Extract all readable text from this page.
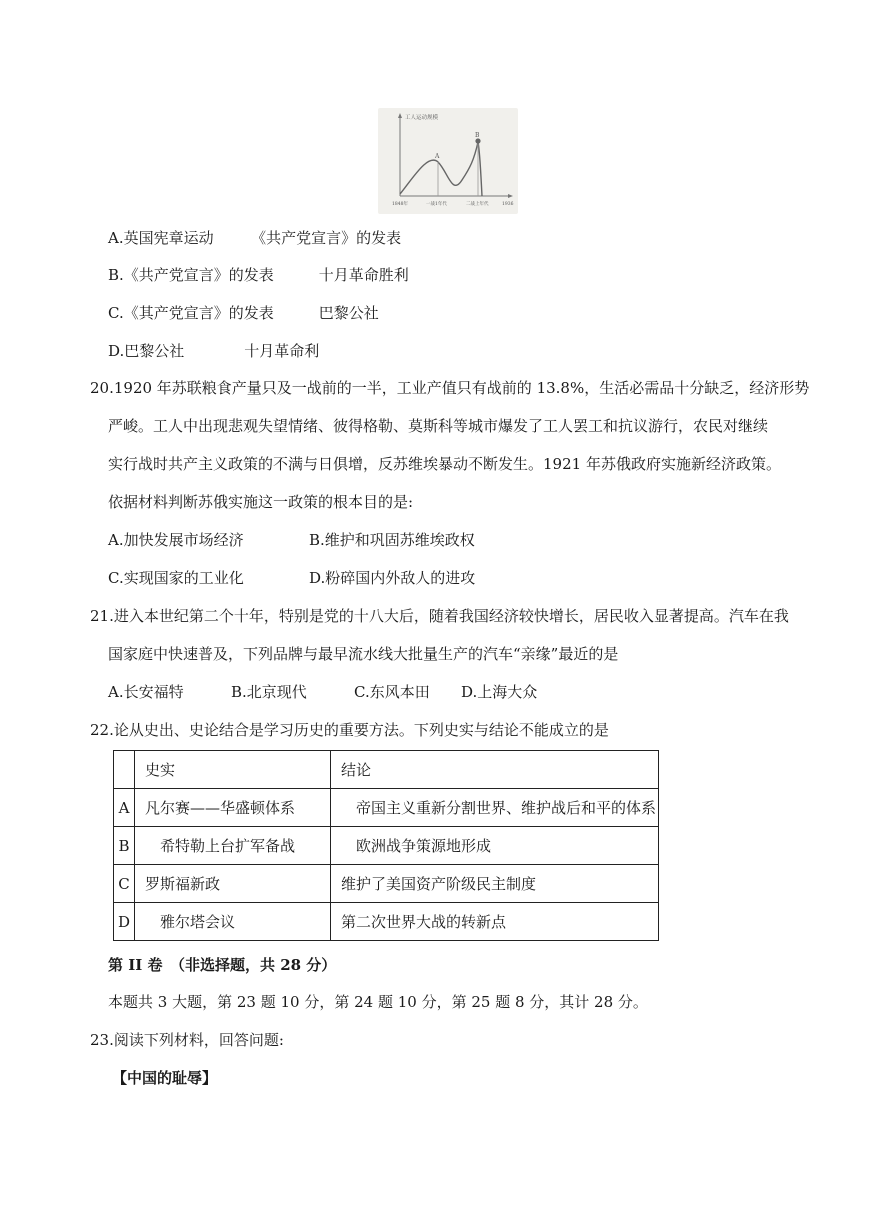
工人运动规模
A
B
1848年	一战1年代	二战上年代	1936
A.英国宪章运动　　　《共产党宣言》的发表
B.《共产党宣言》的发表　　　十月革命胜利
C.《其产党宣言》的发表　　　巴黎公社
D.巴黎公社　　　　十月革命利
20.1920 年苏联粮食产量只及一战前的一半，工业产值只有战前的 13.8%，生活必需品十分缺乏，经济形势
严峻。工人中出现悲观失望情绪、彼得格勒、莫斯科等城市爆发了工人罢工和抗议游行，农民对继续
实行战时共产主义政策的不满与日俱增，反苏维埃暴动不断发生。1921 年苏俄政府实施新经济政策。
依据材料判断苏俄实施这一政策的根本目的是:
A.加快发展市场经济	B.维护和巩固苏维埃政权
C.实现国家的工业化	D.粉碎国内外敌人的进攻
21.进入本世纪第二个十年，特别是党的十八大后，随着我国经济较快增长，居民收入显著提高。汽车在我
国家庭中快速普及，下列品牌与最早流水线大批量生产的汽车“亲缘”最近的是
A.长安福特	B.北京现代	C.东风本田 D.上海大众
22.论从史出、史论结合是学习历史的重要方法。下列史实与结论不能成立的是
	史实	结论
A	凡尔赛——华盛顿体系	　帝国主义重新分割世界、维护战后和平的体系
B	　希特勒上台扩军备战	　欧洲战争策源地形成
C	罗斯福新政	维护了美国资产阶级民主制度
D	　雅尔塔会议	第二次世界大战的转新点
第 II 卷　（非选择题，共 28 分）
本题共 3 大题，第 23 题 10 分，第 24 题 10 分，第 25 题 8 分，其计 28 分。
23.阅读下列材料，回答问题:
【中国的耻辱】
